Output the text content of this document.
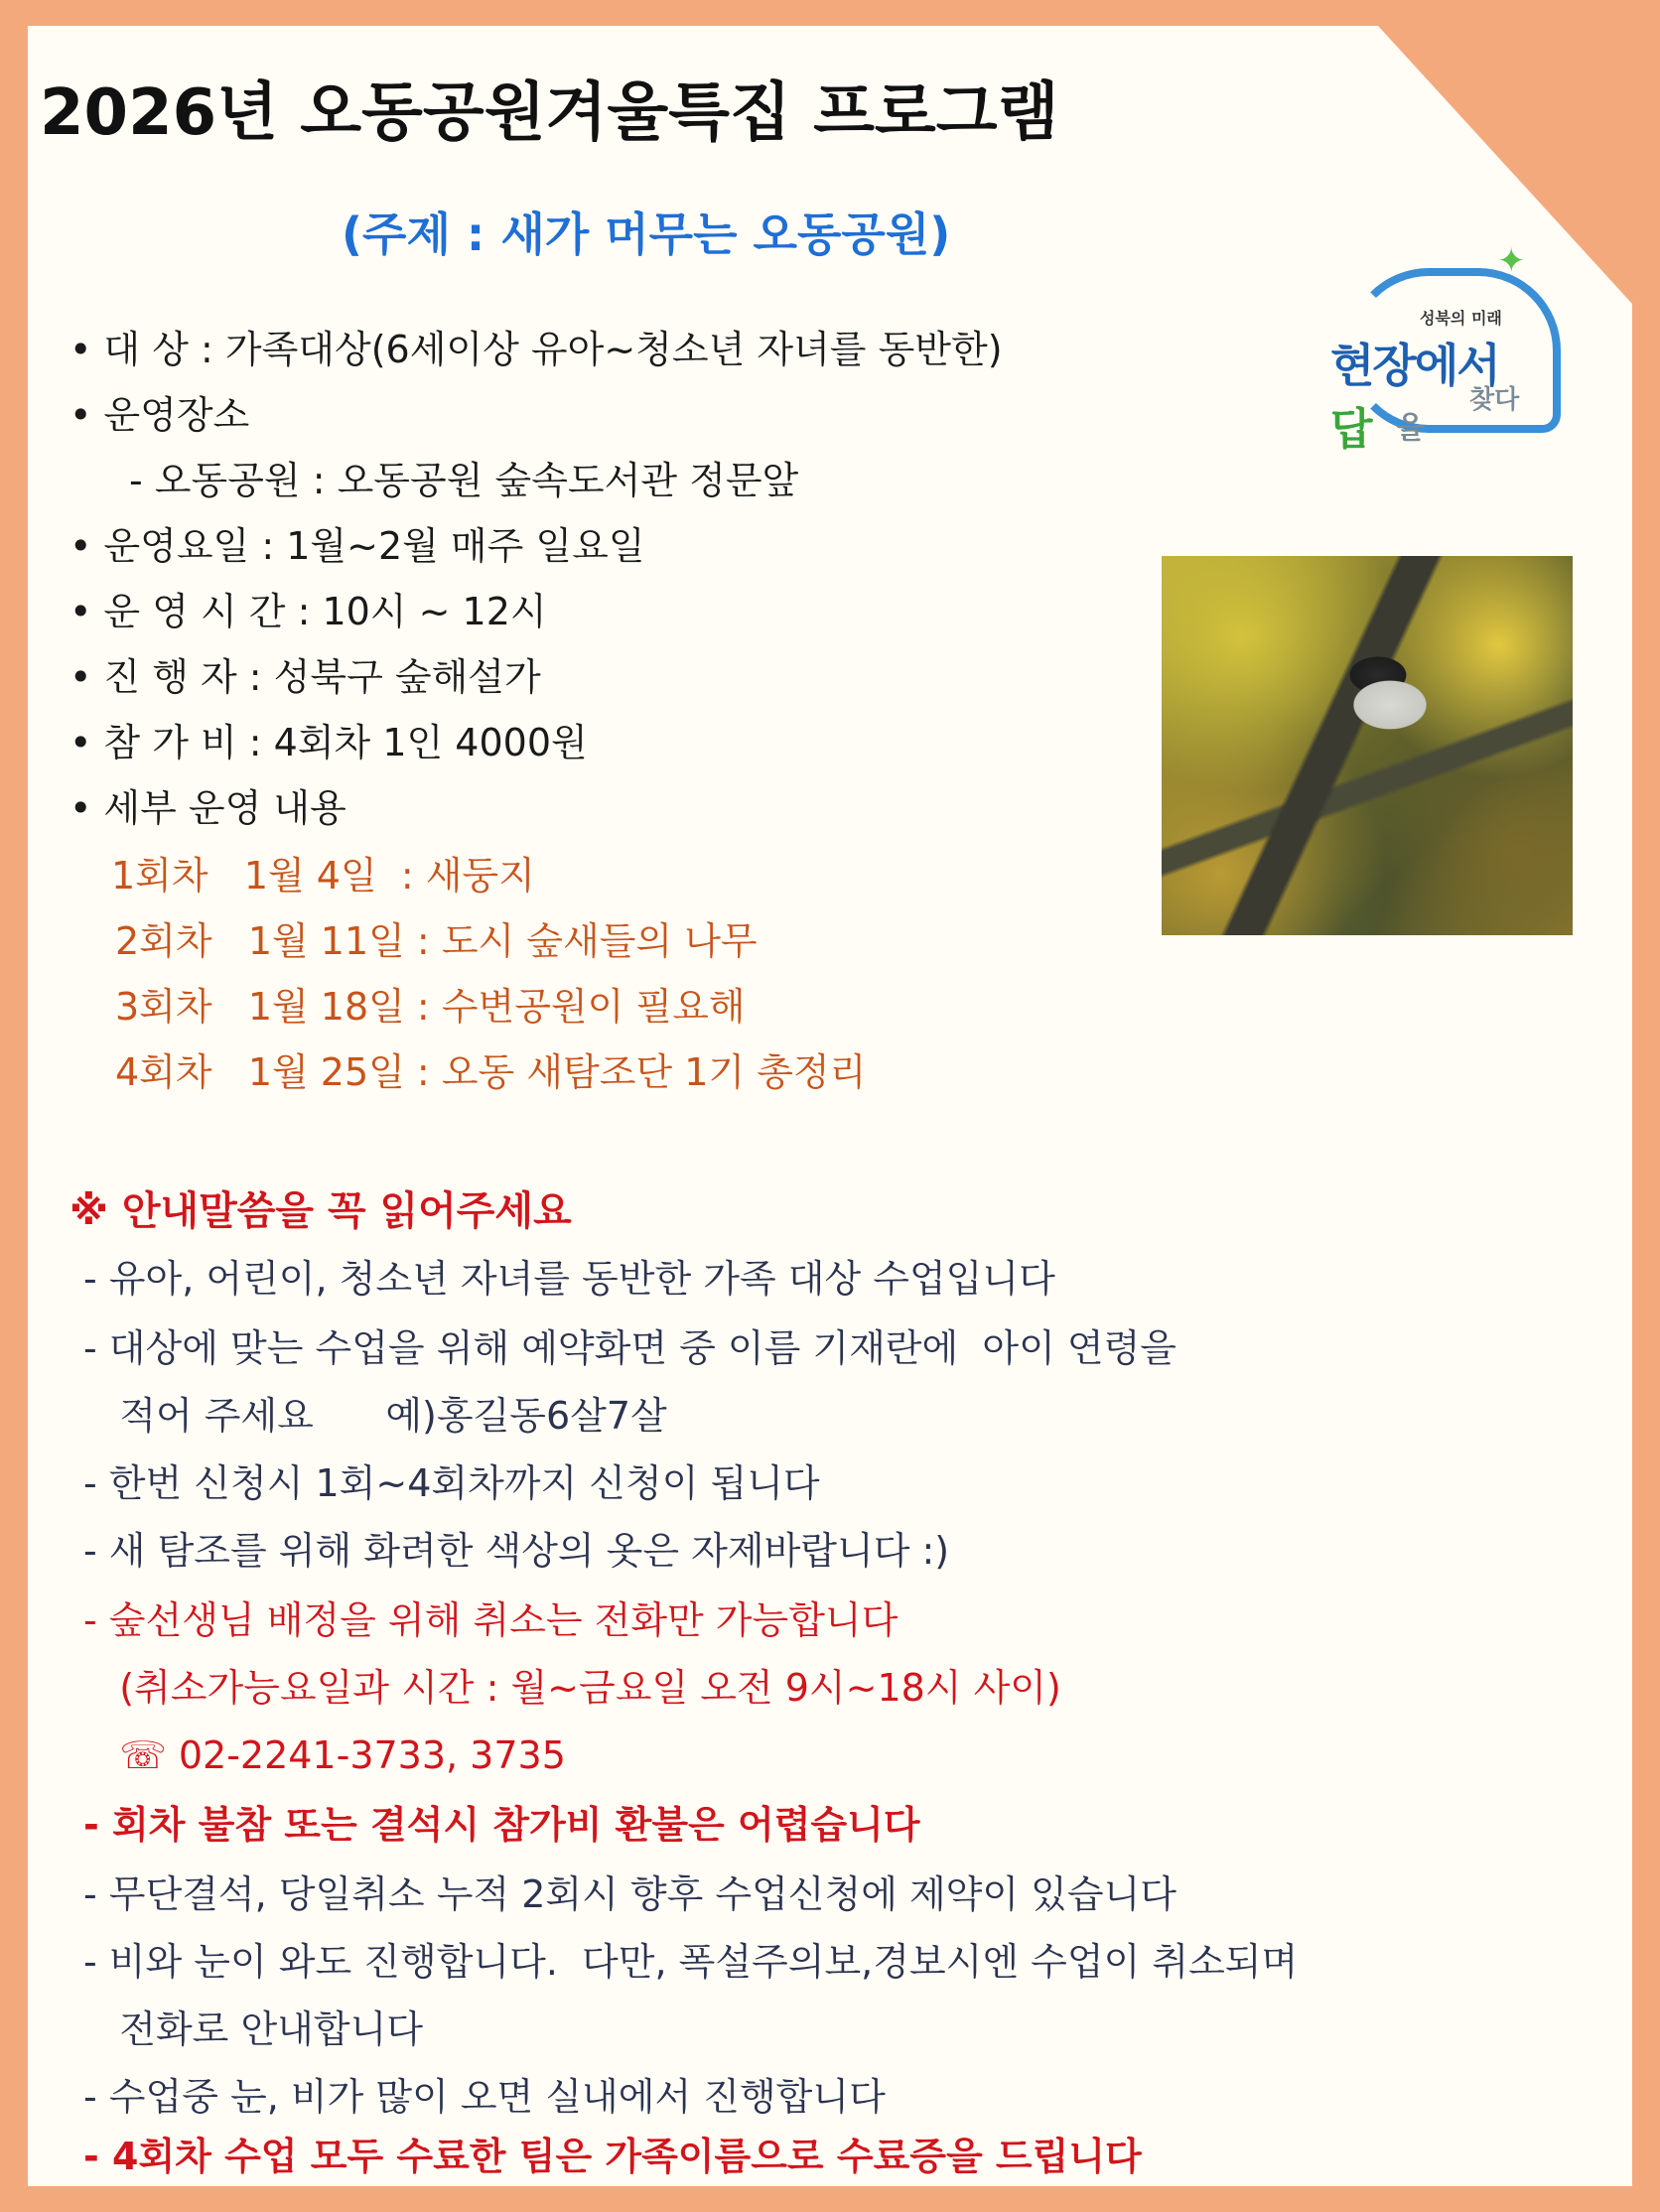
2026년 오동공원겨울특집 프로그램
(주제 : 새가 머무는 오동공원)	✦
성북의 미래
현장에서
답 을
찾다
• 대 상 : 가족대상(6세이상 유아~청소년 자녀를 동반한)
• 운영장소
- 오동공원 : 오동공원 숲속도서관 정문앞
• 운영요일 : 1월~2월 매주 일요일
• 운 영 시 간 : 10시 ~ 12시
• 진 행 자 : 성북구 숲해설가
• 참 가 비 : 4회차 1인 4000원
• 세부 운영 내용
1회차   1월 4일  : 새둥지
2회차   1월 11일 : 도시 숲새들의 나무
3회차   1월 18일 : 수변공원이 필요해
4회차   1월 25일 : 오동 새탐조단 1기 총정리
※ 안내말씀을 꼭 읽어주세요
- 유아, 어린이, 청소년 자녀를 동반한 가족 대상 수업입니다
- 대상에 맞는 수업을 위해 예약화면 중 이름 기재란에  아이 연령을
적어 주세요      예)홍길동6살7살
- 한번 신청시 1회~4회차까지 신청이 됩니다
- 새 탐조를 위해 화려한 색상의 옷은 자제바랍니다 :)
- 숲선생님 배정을 위해 취소는 전화만 가능합니다
(취소가능요일과 시간 : 월~금요일 오전 9시~18시 사이)
☏ 02-2241-3733, 3735
- 회차 불참 또는 결석시 참가비 환불은 어렵습니다
- 무단결석, 당일취소 누적 2회시 향후 수업신청에 제약이 있습니다
- 비와 눈이 와도 진행합니다.  다만, 폭설주의보,경보시엔 수업이 취소되며
전화로 안내합니다
- 수업중 눈, 비가 많이 오면 실내에서 진행합니다
- 4회차 수업 모두 수료한 팀은 가족이름으로 수료증을 드립니다
